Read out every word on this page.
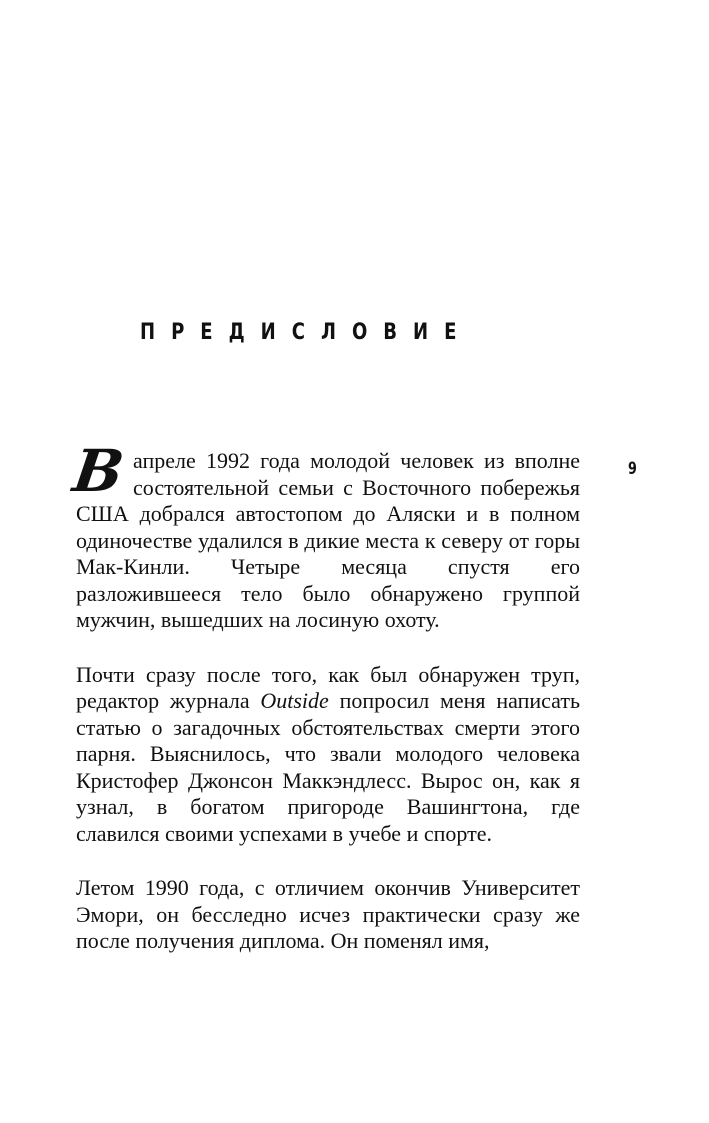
ПРЕДИСЛОВИЕ
9

В апреле 1992 года молодой человек из вполне состоятельной семьи с Восточного побережья США добрался автостопом до Аляски и в полном одиночестве удалился в дикие места к северу от горы Мак-Кинли. Четыре месяца спустя его разложившееся тело было обнаружено группой мужчин, вышедших на лосиную охоту.

Почти сразу после того, как был обнаружен труп, редактор журнала Outside попросил меня написать статью о загадочных обстоятельствах смерти этого парня. Выяснилось, что звали молодого человека Кристофер Джонсон Маккэндлесс. Вырос он, как я узнал, в богатом пригороде Вашингтона, где славился своими успехами в учебе и спорте.

Летом 1990 года, с отличием окончив Университет Эмори, он бесследно исчез практически сразу же после получения диплома. Он поменял имя,
